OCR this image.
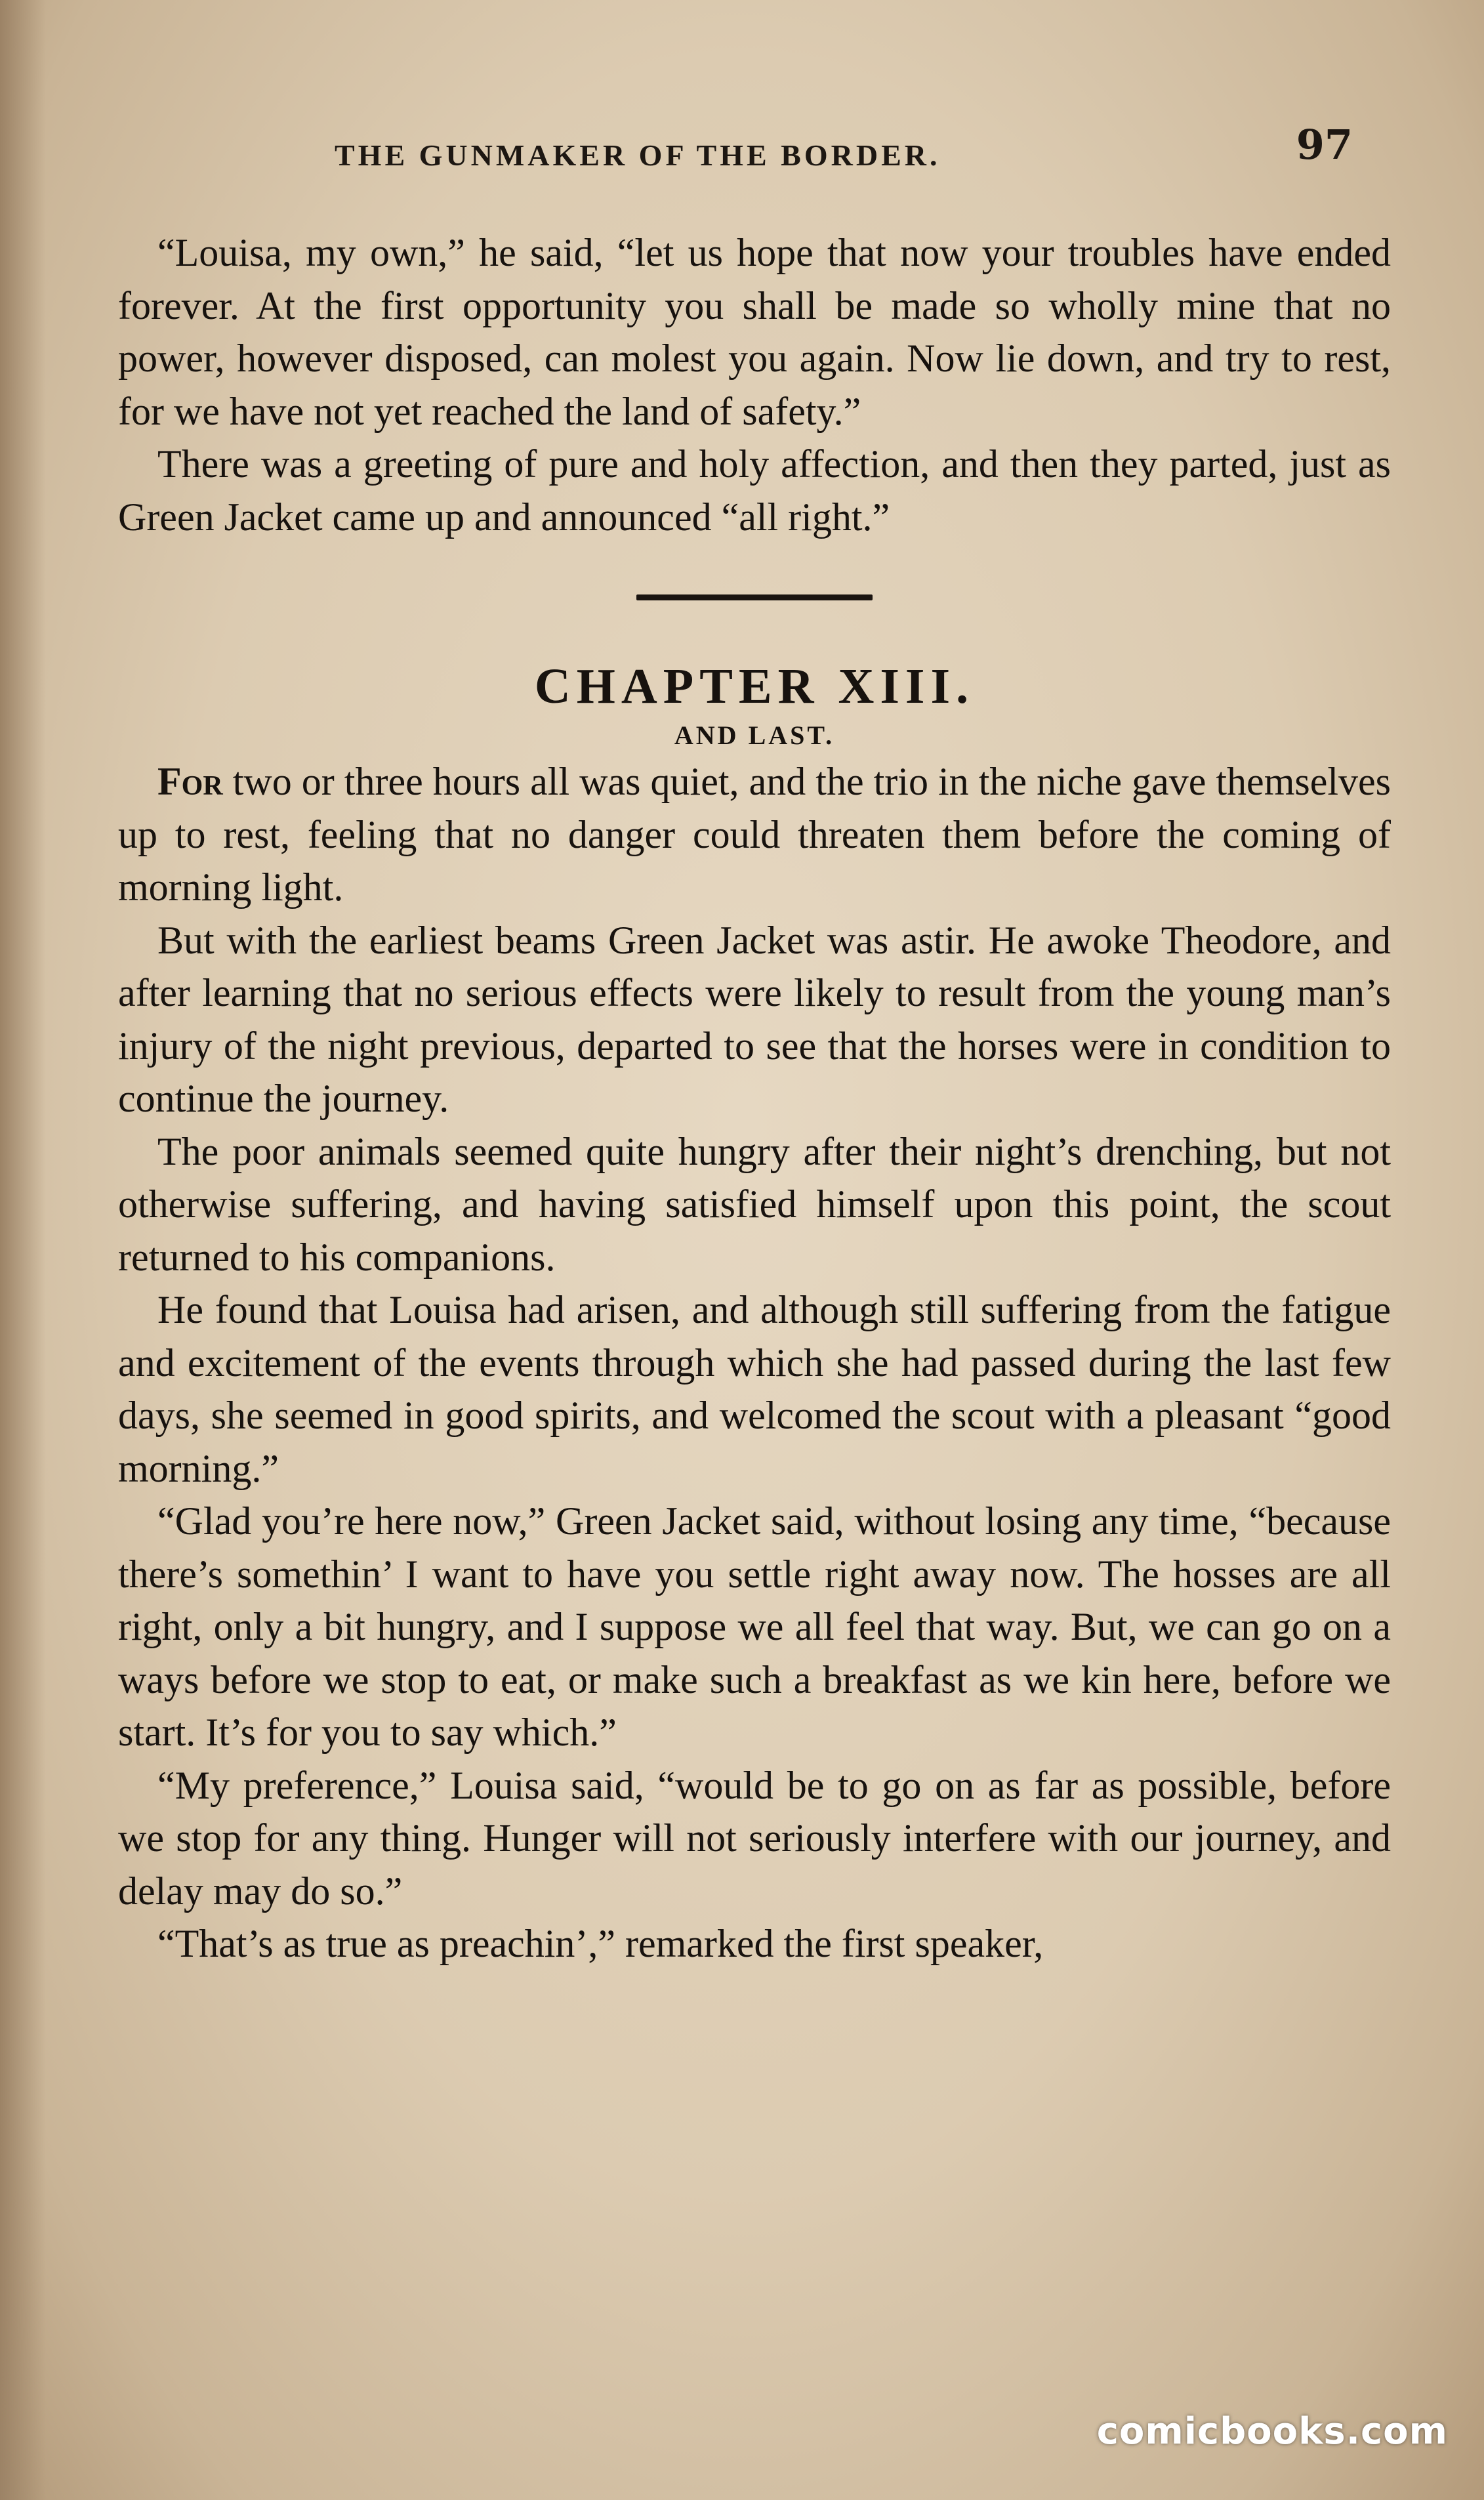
THE GUNMAKER OF THE BORDER.	97

“Louisa, my own,” he said, “let us hope that now your troubles have ended forever. At the first opportunity you shall be made so wholly mine that no power, however disposed, can molest you again. Now lie down, and try to rest, for we have not yet reached the land of safety.”

There was a greeting of pure and holy affection, and then they parted, just as Green Jacket came up and announced “all right.”

CHAPTER XIII.

AND LAST.

For two or three hours all was quiet, and the trio in the niche gave themselves up to rest, feeling that no danger could threaten them before the coming of morning light.

But with the earliest beams Green Jacket was astir. He awoke Theodore, and after learning that no serious effects were likely to result from the young man’s injury of the night previous, departed to see that the horses were in condition to continue the journey.

The poor animals seemed quite hungry after their night’s drenching, but not otherwise suffering, and having satisfied himself upon this point, the scout returned to his companions.

He found that Louisa had arisen, and although still suffering from the fatigue and excitement of the events through which she had passed during the last few days, she seemed in good spirits, and welcomed the scout with a pleasant “good morning.”

“Glad you’re here now,” Green Jacket said, without losing any time, “because there’s somethin’ I want to have you settle right away now. The hosses are all right, only a bit hungry, and I suppose we all feel that way. But, we can go on a ways before we stop to eat, or make such a breakfast as we kin here, before we start. It’s for you to say which.”

“My preference,” Louisa said, “would be to go on as far as possible, before we stop for any thing. Hunger will not seriously interfere with our journey, and delay may do so.”

“That’s as true as preachin’,” remarked the first speaker,

comicbooks.com
